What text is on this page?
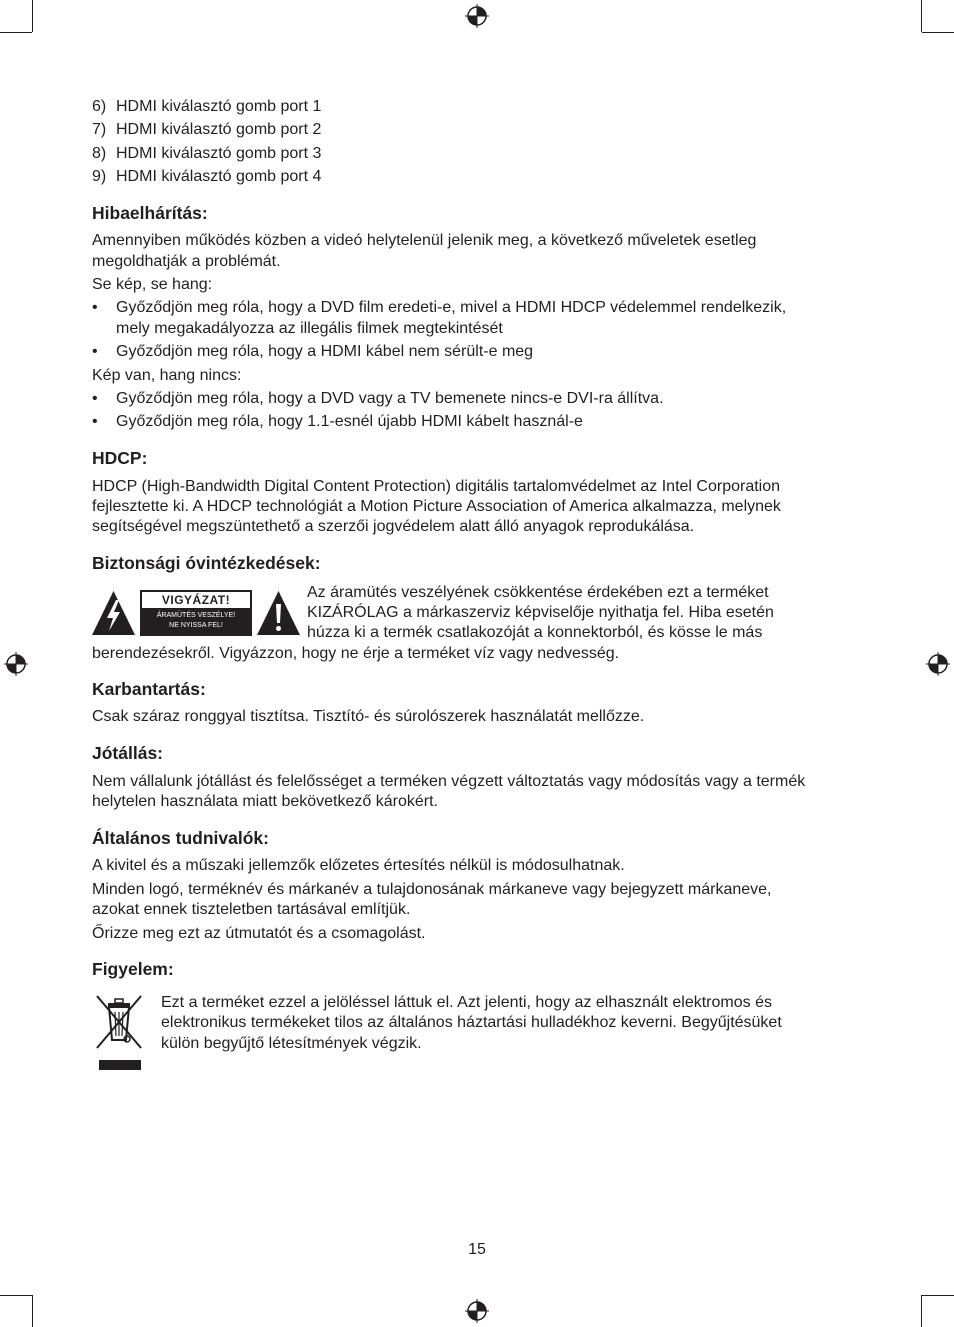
6) HDMI kiválasztó gomb port 1
7) HDMI kiválasztó gomb port 2
8) HDMI kiválasztó gomb port 3
9) HDMI kiválasztó gomb port 4
Hibaelhárítás:
Amennyiben működés közben a videó helytelenül jelenik meg, a következő műveletek esetleg
megoldhatják a problémát.
Se kép, se hang:
• Győződjön meg róla, hogy a DVD film eredeti-e, mivel a HDMI HDCP védelemmel rendelkezik,
mely megakadályozza az illegális filmek megtekintését
• Győződjön meg róla, hogy a HDMI kábel nem sérült-e meg
Kép van, hang nincs:
• Győződjön meg róla, hogy a DVD vagy a TV bemenete nincs-e DVI-ra állítva.
• Győződjön meg róla, hogy 1.1-esnél újabb HDMI kábelt használ-e
HDCP:
HDCP (High-Bandwidth Digital Content Protection) digitális tartalomvédelmet az Intel Corporation
fejlesztette ki. A HDCP technológiát a Motion Picture Association of America alkalmazza, melynek
segítségével megszüntethető a szerzői jogvédelem alatt álló anyagok reprodukálása.
Biztonsági óvintézkedések:
VIGYÁZAT!
ÁRAMÜTÉS VESZÉLYE!
NE NYISSA FEL!
Az áramütés veszélyének csökkentése érdekében ezt a terméket
KIZÁRÓLAG a márkaszerviz képviselője nyithatja fel. Hiba esetén
húzza ki a termék csatlakozóját a konnektorból, és kösse le más
berendezésekről. Vigyázzon, hogy ne érje a terméket víz vagy nedvesség.
Karbantartás:
Csak száraz ronggyal tisztítsa. Tisztító- és súrolószerek használatát mellőzze.
Jótállás:
Nem vállalunk jótállást és felelősséget a terméken végzett változtatás vagy módosítás vagy a termék
helytelen használata miatt bekövetkező károkért.
Általános tudnivalók:
A kivitel és a műszaki jellemzők előzetes értesítés nélkül is módosulhatnak.
Minden logó, terméknév és márkanév a tulajdonosának márkaneve vagy bejegyzett márkaneve,
azokat ennek tiszteletben tartásával említjük.
Őrizze meg ezt az útmutatót és a csomagolást.
Figyelem:
Ezt a terméket ezzel a jelöléssel láttuk el. Azt jelenti, hogy az elhasznált elektromos és
elektronikus termékeket tilos az általános háztartási hulladékhoz keverni. Begyűjtésüket
külön begyűjtő létesítmények végzik.
15
